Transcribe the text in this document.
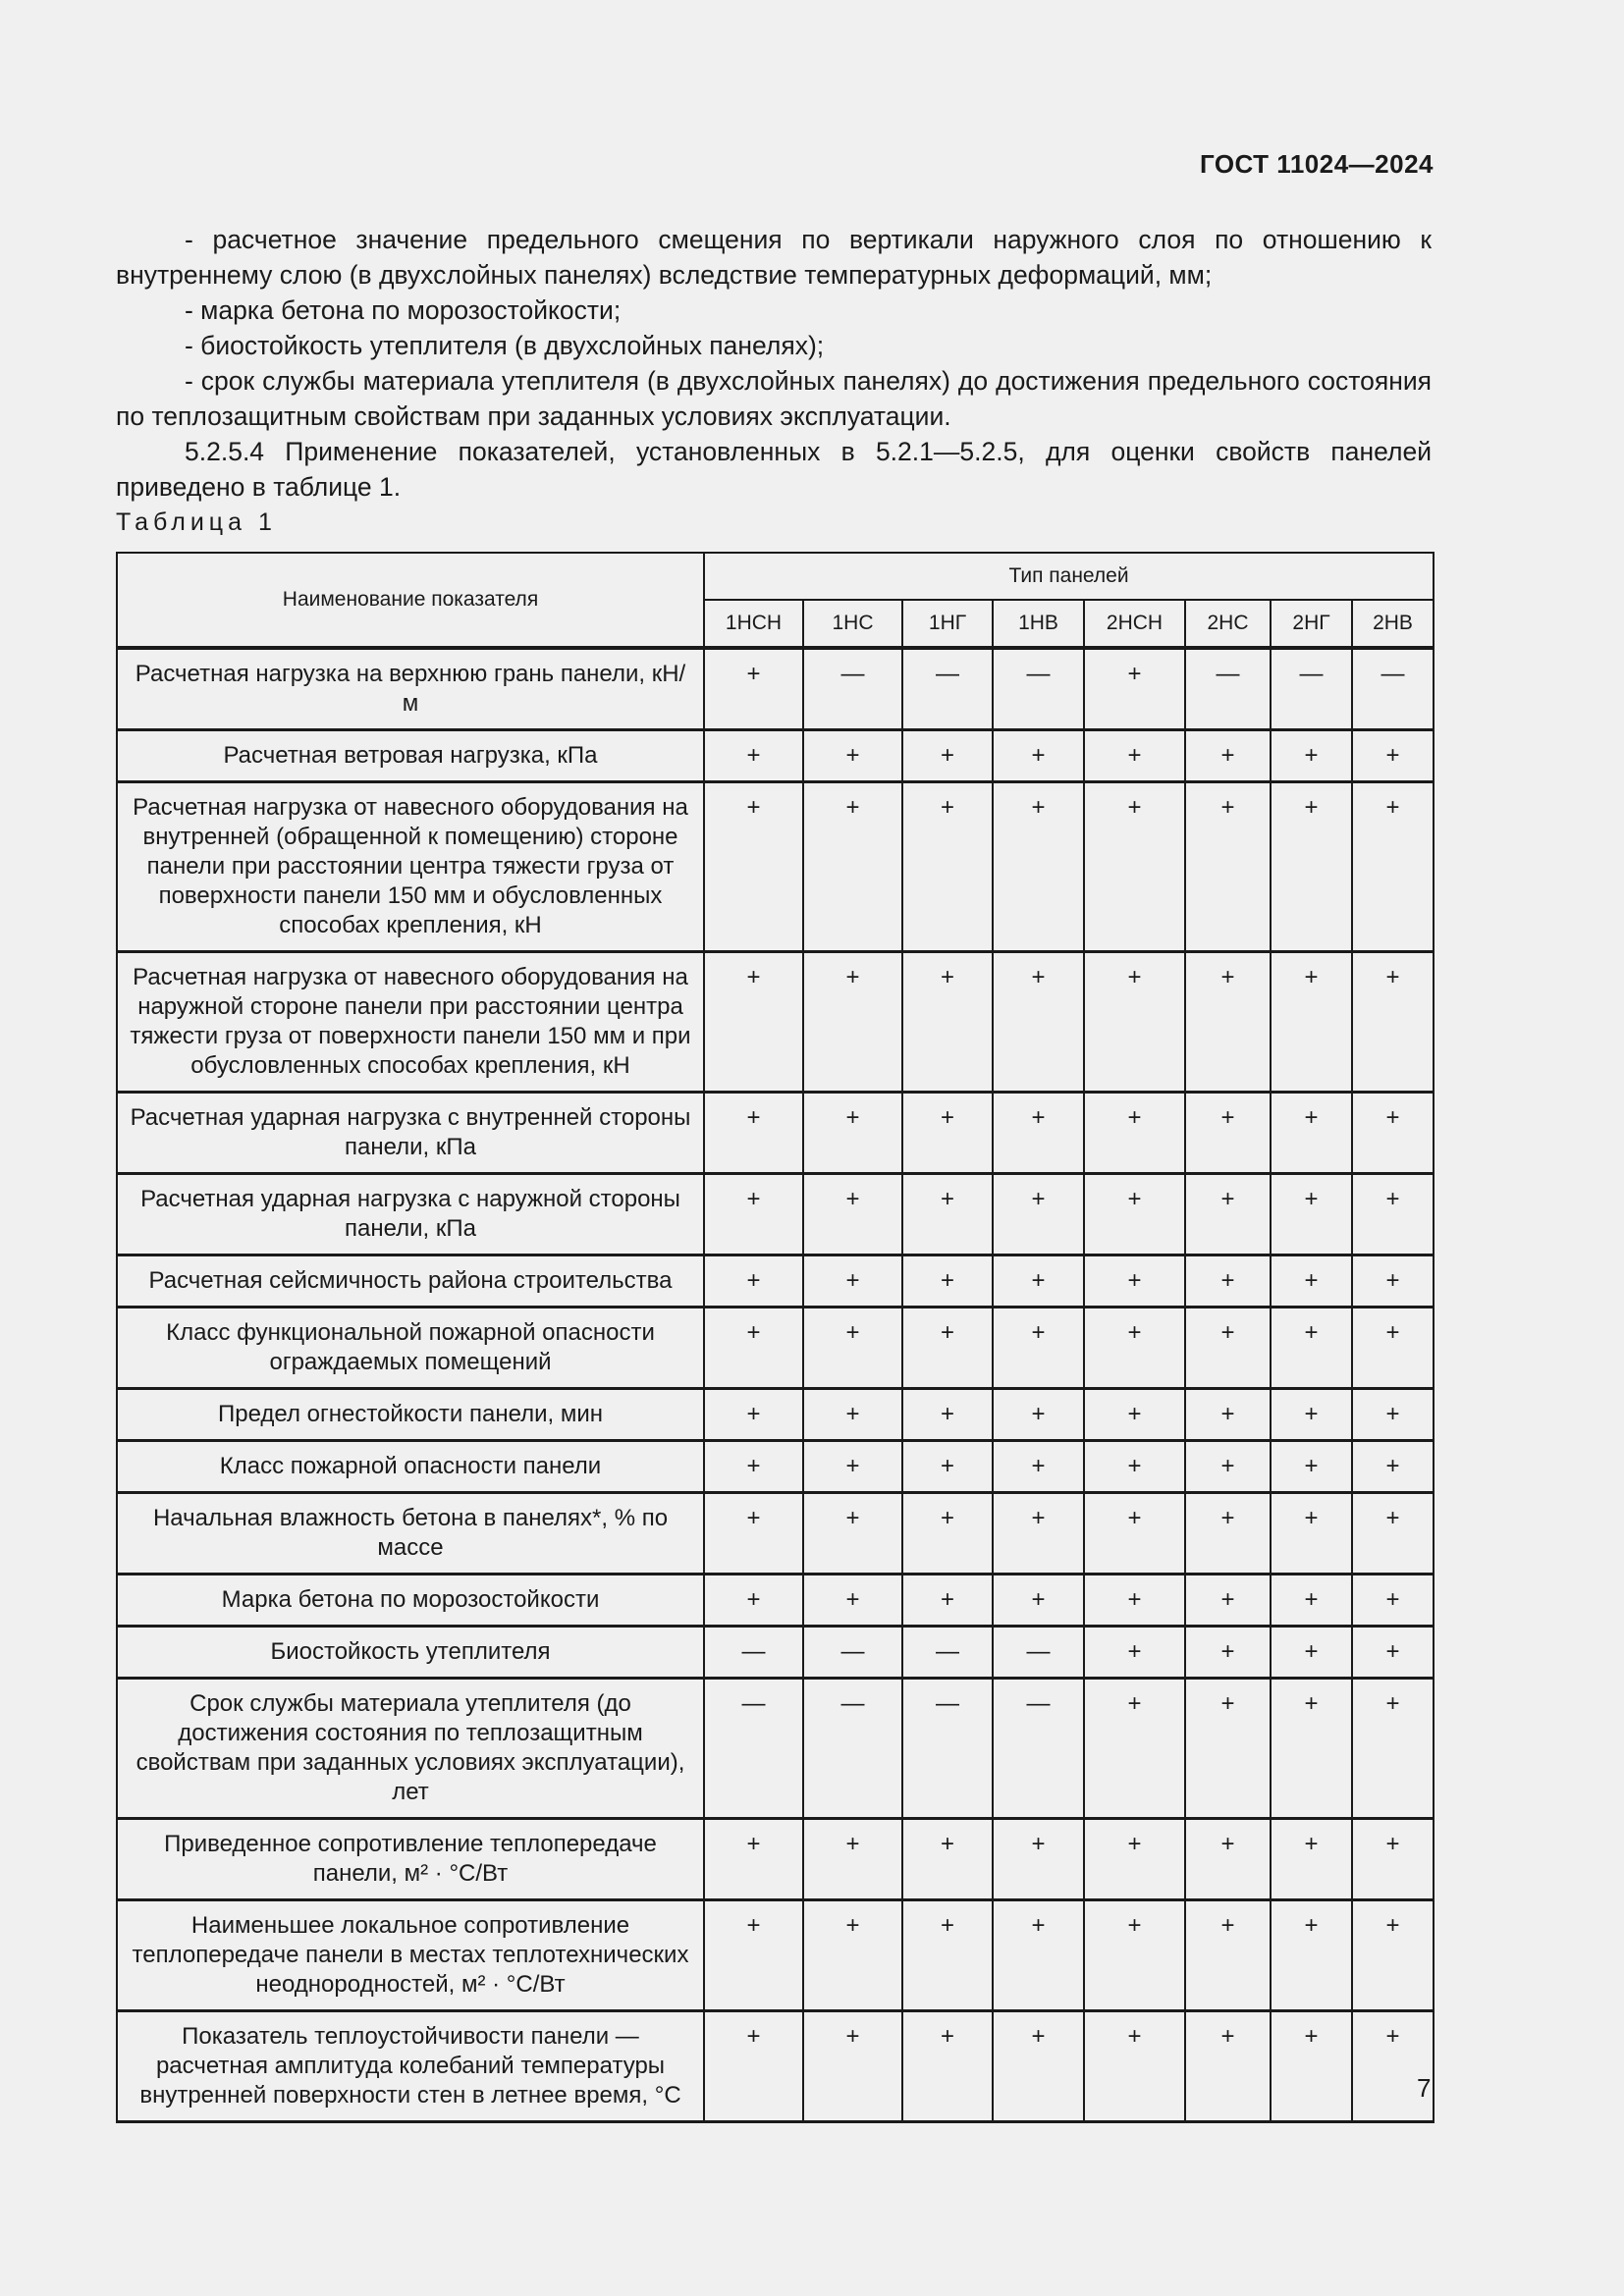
ГОСТ 11024—2024

- расчетное значение предельного смещения по вертикали наружного слоя по отношению к внутреннему слою (в двухслойных панелях) вследствие температурных деформаций, мм;

- марка бетона по морозостойкости;

- биостойкость утеплителя (в двухслойных панелях);

- срок службы материала утеплителя (в двухслойных панелях) до достижения предельного состояния по теплозащитным свойствам при заданных условиях эксплуатации.

5.2.5.4 Применение показателей, установленных в 5.2.1—5.2.5, для оценки свойств панелей приведено в таблице 1.

Таблица 1
Наименование показателя	Тип панелей							
	1НСН	1НС	1НГ	1НВ	2НСН	2НС	2НГ	2НВ
Расчетная нагрузка на верхнюю грань панели, кН/м	+	—	—	—	+	—	—	—
Расчетная ветровая нагрузка, кПа	+	+	+	+	+	+	+	+
Расчетная нагрузка от навесного оборудования на внутренней (обращенной к помещению) стороне панели при расстоянии центра тяжести груза от поверхности панели 150 мм и обусловленных способах крепления, кН	+	+	+	+	+	+	+	+
Расчетная нагрузка от навесного оборудования на наружной стороне панели при расстоянии центра тяжести груза от поверхности панели 150 мм и при обусловленных способах крепления, кН	+	+	+	+	+	+	+	+
Расчетная ударная нагрузка с внутренней стороны панели, кПа	+	+	+	+	+	+	+	+
Расчетная ударная нагрузка с наружной стороны панели, кПа	+	+	+	+	+	+	+	+
Расчетная сейсмичность района строительства	+	+	+	+	+	+	+	+
Класс функциональной пожарной опасности ограждаемых помещений	+	+	+	+	+	+	+	+
Предел огнестойкости панели, мин	+	+	+	+	+	+	+	+
Класс пожарной опасности панели	+	+	+	+	+	+	+	+
Начальная влажность бетона в панелях*, % по массе	+	+	+	+	+	+	+	+
Марка бетона по морозостойкости	+	+	+	+	+	+	+	+
Биостойкость утеплителя	—	—	—	—	+	+	+	+
Срок службы материала утеплителя (до достижения состояния по теплозащитным свойствам при заданных условиях эксплуатации), лет	—	—	—	—	+	+	+	+
Приведенное сопротивление теплопередаче панели, м² · °С/Вт	+	+	+	+	+	+	+	+
Наименьшее локальное сопротивление теплопередаче панели в местах теплотехнических неоднородностей, м² · °С/Вт	+	+	+	+	+	+	+	+
Показатель теплоустойчивости панели — расчетная амплитуда колебаний температуры внутренней поверхности стен в летнее время, °С	+	+	+	+	+	+	+	+
7
